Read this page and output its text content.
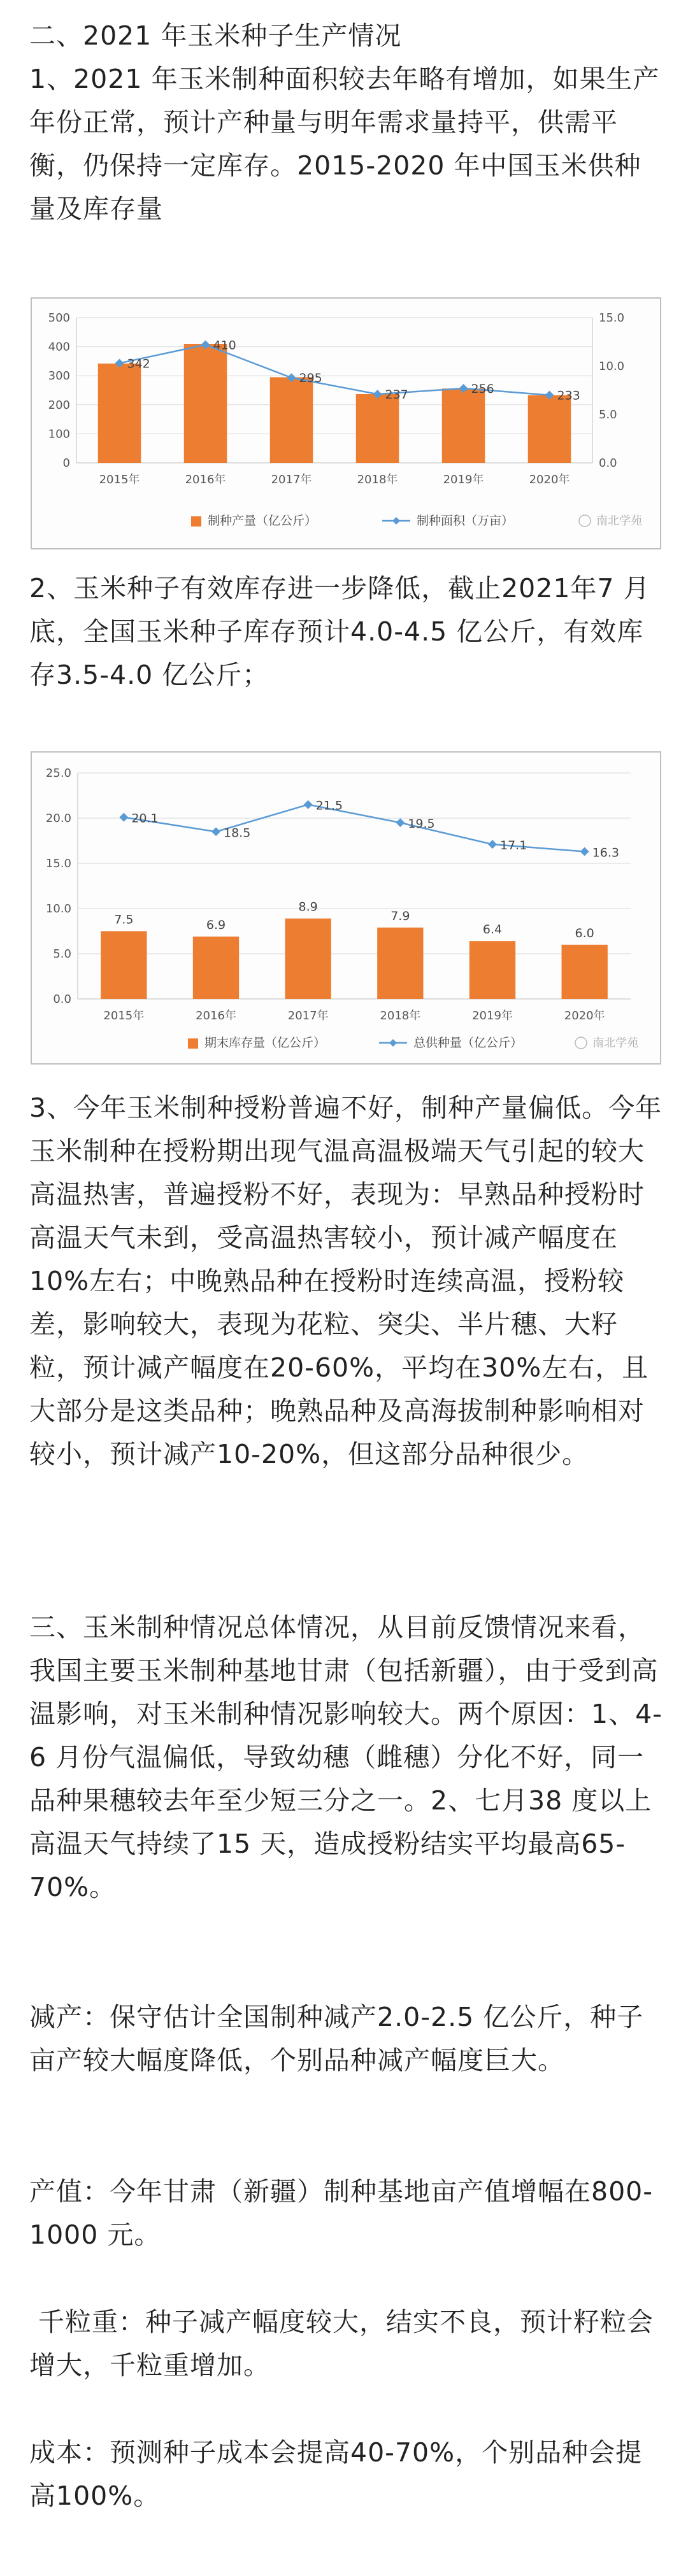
二、2021 年玉米种子生产情况

1、2021 年玉米制种面积较去年略有增加，如果生产年份正常，预计产种量与明年需求量持平，供需平衡，仍保持一定库存。2015-2020 年中国玉米供种量及库存量

0
100
200
300
400
500
0.0
5.0
10.0
15.0
2015年	2016年	2017年	2018年	2019年	2020年
342
410
295
237	256	233
制种产量（亿公斤）	制种面积（万亩）	南北学苑

2、玉米种子有效库存进一步降低，截止2021年7 月底，全国玉米种子库存预计4.0-4.5 亿公斤，有效库存3.5-4.0 亿公斤；

0.0
5.0
10.0
15.0
20.0
25.0
2015年	2016年	2017年	2018年	2019年	2020年
7.5	6.9
8.9
7.9
6.4	6.0
20.1
18.5
21.5
19.5
17.1
16.3
期末库存量（亿公斤）	总供种量（亿公斤）	南北学苑

3、今年玉米制种授粉普遍不好，制种产量偏低。今年玉米制种在授粉期出现气温高温极端天气引起的较大高温热害，普遍授粉不好，表现为：早熟品种授粉时高温天气未到，受高温热害较小，预计减产幅度在10%左右；中晚熟品种在授粉时连续高温，授粉较差，影响较大，表现为花粒、突尖、半片穗、大籽粒，预计减产幅度在20-60%，平均在30%左右，且大部分是这类品种；晚熟品种及高海拔制种影响相对较小，预计减产10-20%，但这部分品种很少。

三、玉米制种情况总体情况，从目前反馈情况来看，我国主要玉米制种基地甘肃（包括新疆），由于受到高温影响，对玉米制种情况影响较大。两个原因：1、4-6 月份气温偏低，导致幼穗（雌穗）分化不好，同一品种果穗较去年至少短三分之一。2、七月38 度以上高温天气持续了15 天，造成授粉结实平均最高65-70%。

减产：保守估计全国制种减产2.0-2.5 亿公斤，种子亩产较大幅度降低，个别品种减产幅度巨大。

产值：今年甘肃（新疆）制种基地亩产值增幅在800-1000 元。

千粒重：种子减产幅度较大，结实不良，预计籽粒会增大，千粒重增加。

成本：预测种子成本会提高40-70%，个别品种会提高100%。
